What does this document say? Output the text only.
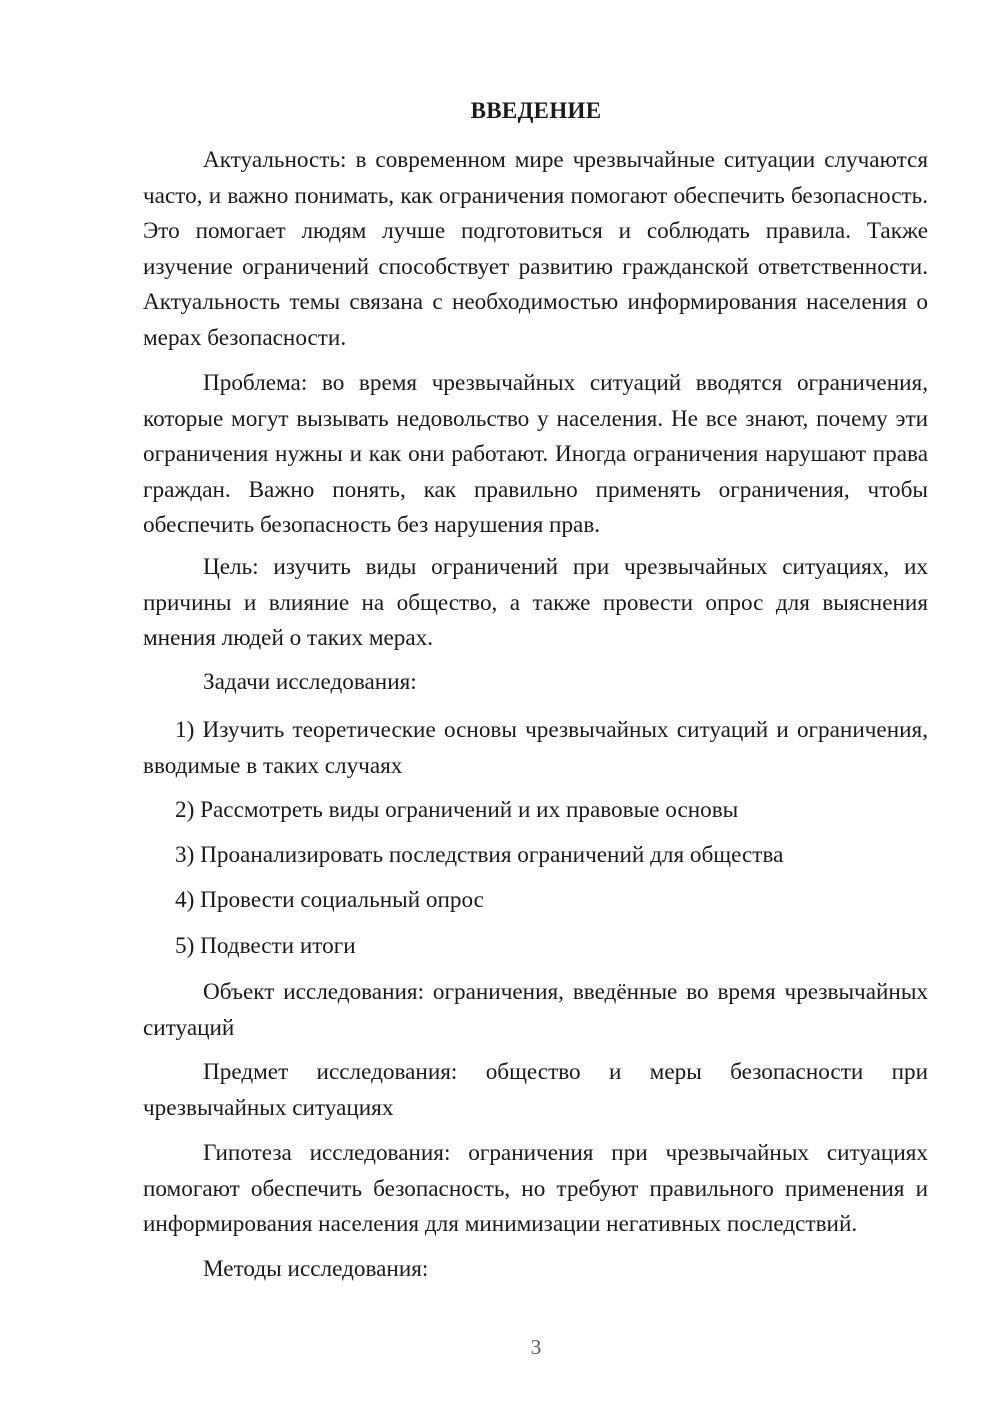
ВВЕДЕНИЕ

Актуальность: в современном мире чрезвычайные ситуации случаются часто, и важно понимать, как ограничения помогают обеспечить безопасность. Это помогает людям лучше подготовиться и соблюдать правила. Также изучение ограничений способствует развитию гражданской ответственности. Актуальность темы связана с необходимостью информирования населения о мерах безопасности.

Проблема: во время чрезвычайных ситуаций вводятся ограничения, которые могут вызывать недовольство у населения. Не все знают, почему эти ограничения нужны и как они работают. Иногда ограничения нарушают права граждан. Важно понять, как правильно применять ограничения, чтобы обеспечить безопасность без нарушения прав.

Цель: изучить виды ограничений при чрезвычайных ситуациях, их причины и влияние на общество, а также провести опрос для выяснения мнения людей о таких мерах.

Задачи исследования:

1) Изучить теоретические основы чрезвычайных ситуаций и ограничения, вводимые в таких случаях

2) Рассмотреть виды ограничений и их правовые основы

3) Проанализировать последствия ограничений для общества

4) Провести социальный опрос

5) Подвести итоги

Объект исследования: ограничения, введённые во время чрезвычайных ситуаций

Предмет исследования: общество и меры безопасности при чрезвычайных ситуациях

Гипотеза исследования: ограничения при чрезвычайных ситуациях помогают обеспечить безопасность, но требуют правильного применения и информирования населения для минимизации негативных последствий.

Методы исследования:

3
